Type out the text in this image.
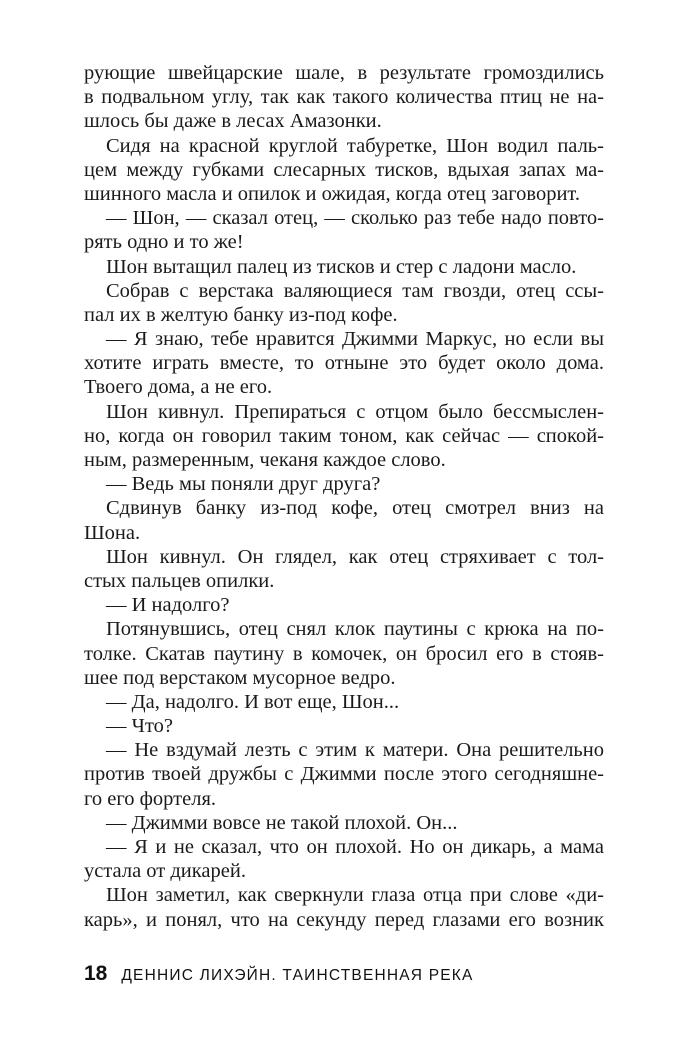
рующие швейцарские шале, в результате громоздились
в подвальном углу, так как такого количества птиц не на-
шлось бы даже в лесах Амазонки.
Сидя на красной круглой табуретке, Шон водил паль-
цем между губками слесарных тисков, вдыхая запах ма-
шинного масла и опилок и ожидая, когда отец заговорит.
— Шон, — сказал отец, — сколько раз тебе надо повто-
рять одно и то же!
Шон вытащил палец из тисков и стер с ладони масло.
Собрав с верстака валяющиеся там гвозди, отец ссы-
пал их в желтую банку из-под кофе.
— Я знаю, тебе нравится Джимми Маркус, но если вы
хотите играть вместе, то отныне это будет около дома.
Твоего дома, а не его.
Шон кивнул. Препираться с отцом было бессмыслен-
но, когда он говорил таким тоном, как сейчас — спокой-
ным, размеренным, чеканя каждое слово.
— Ведь мы поняли друг друга?
Сдвинув банку из-под кофе, отец смотрел вниз на
Шона.
Шон кивнул. Он глядел, как отец стряхивает с тол-
стых пальцев опилки.
— И надолго?
Потянувшись, отец снял клок паутины с крюка на по-
толке. Скатав паутину в комочек, он бросил его в стояв-
шее под верстаком мусорное ведро.
— Да, надолго. И вот еще, Шон...
— Что?
— Не вздумай лезть с этим к матери. Она решительно
против твоей дружбы с Джимми после этого сегодняшне-
го его фортеля.
— Джимми вовсе не такой плохой. Он...
— Я и не сказал, что он плохой. Но он дикарь, а мама
устала от дикарей.
Шон заметил, как сверкнули глаза отца при слове «ди-
карь», и понял, что на секунду перед глазами его возник
18 ДЕННИС ЛИХЭЙН. ТАИНСТВЕННАЯ РЕКА
